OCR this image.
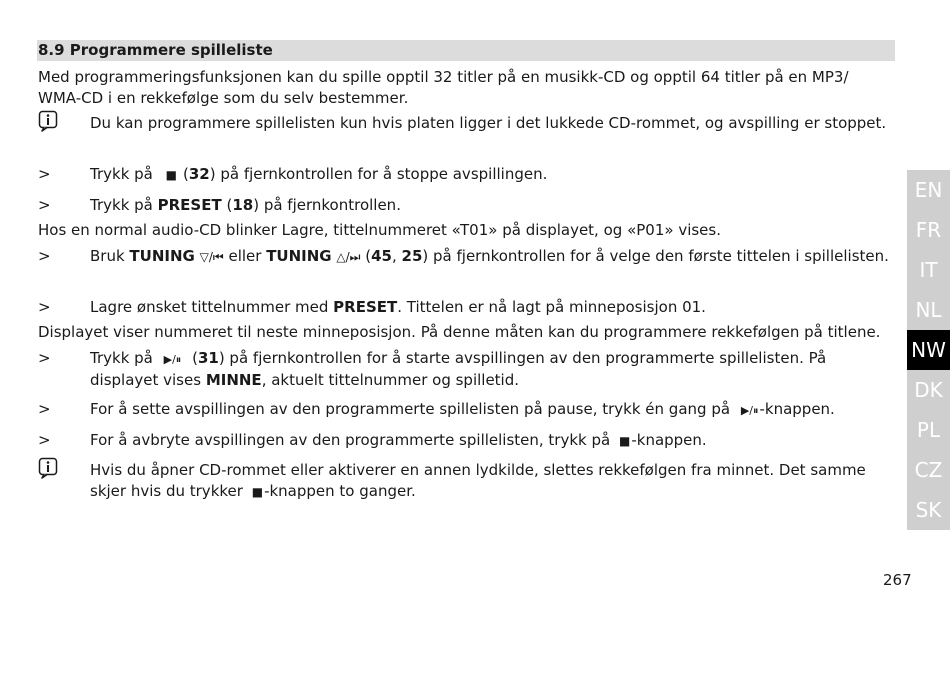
8.9 Programmere spilleliste
Med programmeringsfunksjonen kan du spille opptil 32 titler på en musikk-CD og opptil 64 titler på en MP3/ WMA-CD i en rekkefølge som du selv bestemmer.
Du kan programmere spillelisten kun hvis platen ligger i det lukkede CD-rommet, og avspilling er stoppet.
>	Trykk på ■ (32) på fjernkontrollen for å stoppe avspillingen.
>	Trykk på PRESET (18) på fjernkontrollen.
Hos en normal audio-CD blinker Lagre, tittelnummeret «T01» på displayet, og «P01» vises.
>	Bruk TUNING ▽/⏮ eller TUNING △/⏭ (45, 25) på fjernkontrollen for å velge den første tittelen i spillelisten.
>	Lagre ønsket tittelnummer med PRESET. Tittelen er nå lagt på minneposisjon 01.
Displayet viser nummeret til neste minneposisjon. På denne måten kan du programmere rekkefølgen på titlene.
>	Trykk på ▶/⏸ (31) på fjernkontrollen for å starte avspillingen av den programmerte spillelisten. På displayet vises MINNE, aktuelt tittelnummer og spilletid.
>	For å sette avspillingen av den programmerte spillelisten på pause, trykk én gang på ▶/⏸-knappen.
>	For å avbryte avspillingen av den programmerte spillelisten, trykk på ■-knappen.
Hvis du åpner CD-rommet eller aktiverer en annen lydkilde, slettes rekkefølgen fra minnet. Det samme skjer hvis du trykker ■-knappen to ganger.
EN
FR
IT
NL
NW
DK
PL
CZ
SK
267
